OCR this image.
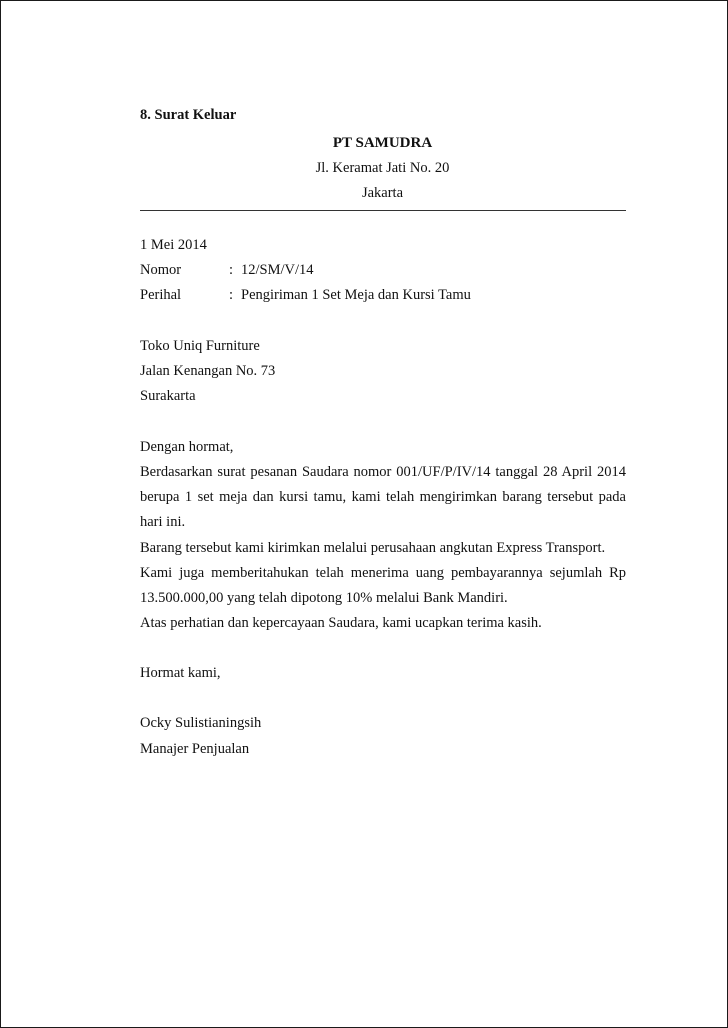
8. Surat Keluar
PT SAMUDRA
Jl. Keramat Jati No. 20
Jakarta
1 Mei 2014
Nomor	: 12/SM/V/14
Perihal	: Pengiriman 1 Set Meja dan Kursi Tamu
Toko Uniq Furniture
Jalan Kenangan No. 73
Surakarta
Dengan hormat,
Berdasarkan surat pesanan Saudara nomor 001/UF/P/IV/14 tanggal 28 April 2014
berupa 1 set meja dan kursi tamu, kami telah mengirimkan barang tersebut pada
hari ini.
Barang tersebut kami kirimkan melalui perusahaan angkutan Express Transport.
Kami juga memberitahukan telah menerima uang pembayarannya sejumlah Rp
13.500.000,00 yang telah dipotong 10% melalui Bank Mandiri.
Atas perhatian dan kepercayaan Saudara, kami ucapkan terima kasih.
Hormat kami,
Ocky Sulistianingsih
Manajer Penjualan
